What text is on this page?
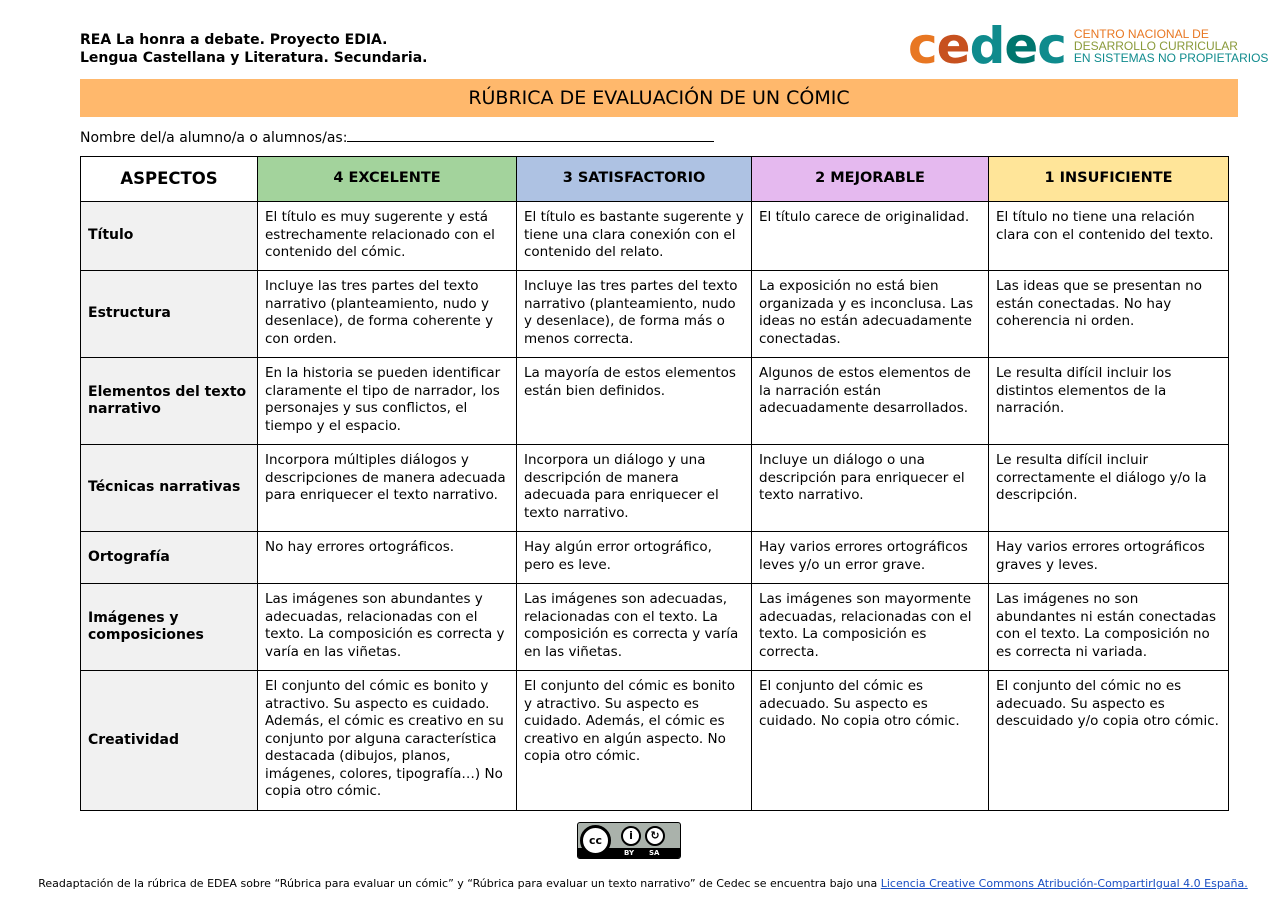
REA La honra a debate. Proyecto EDIA.
Lengua Castellana y Literatura. Secundaria.	cedec CENTRO NACIONAL DE
DESARROLLO CURRICULAR
EN SISTEMAS NO PROPIETARIOS
RÚBRICA DE EVALUACIÓN DE UN CÓMIC
Nombre del/a alumno/a o alumnos/as:
ASPECTOS	4 EXCELENTE	3 SATISFACTORIO	2 MEJORABLE	1 INSUFICIENTE
Título	El título es muy sugerente y está estrechamente relacionado con el contenido del cómic.	El título es bastante sugerente y tiene una clara conexión con el contenido del relato.	El título carece de originalidad.	El título no tiene una relación clara con el contenido del texto.
Estructura	Incluye las tres partes del texto narrativo (planteamiento, nudo y desenlace), de forma coherente y con orden.	Incluye las tres partes del texto narrativo (planteamiento, nudo y desenlace), de forma más o menos correcta.	La exposición no está bien organizada y es inconclusa. Las ideas no están adecuadamente conectadas.	Las ideas que se presentan no están conectadas. No hay coherencia ni orden.
Elementos del texto narrativo	En la historia se pueden identificar claramente el tipo de narrador, los personajes y sus conflictos, el tiempo y el espacio.	La mayoría de estos elementos están bien definidos.	Algunos de estos elementos de la narración están adecuadamente desarrollados.	Le resulta difícil incluir los distintos elementos de la narración.
Técnicas narrativas	Incorpora múltiples diálogos y descripciones de manera adecuada para enriquecer el texto narrativo.	Incorpora un diálogo y una descripción de manera adecuada para enriquecer el texto narrativo.	Incluye un diálogo o una descripción para enriquecer el texto narrativo.	Le resulta difícil incluir correctamente el diálogo y/o la descripción.
Ortografía	No hay errores ortográficos.	Hay algún error ortográfico, pero es leve.	Hay varios errores ortográficos leves y/o un error grave.	Hay varios errores ortográficos graves y leves.
Imágenes y composiciones	Las imágenes son abundantes y adecuadas, relacionadas con el texto. La composición es correcta y varía en las viñetas.	Las imágenes son adecuadas, relacionadas con el texto. La composición es correcta y varía en las viñetas.	Las imágenes son mayormente adecuadas, relacionadas con el texto. La composición es correcta.	Las imágenes no son abundantes ni están conectadas con el texto. La composición no es correcta ni variada.
Creatividad	El conjunto del cómic es bonito y atractivo. Su aspecto es cuidado. Además, el cómic es creativo en su conjunto por alguna característica destacada (dibujos, planos, imágenes, colores, tipografía…) No copia otro cómic.	El conjunto del cómic es bonito y atractivo. Su aspecto es cuidado. Además, el cómic es creativo en algún aspecto. No copia otro cómic.	El conjunto del cómic es adecuado. Su aspecto es cuidado. No copia otro cómic.	El conjunto del cómic no es adecuado. Su aspecto es descuidado y/o copia otro cómic.
cc	i	↻
BY SA
Readaptación de la rúbrica de EDEA sobre “Rúbrica para evaluar un cómic” y “Rúbrica para evaluar un texto narrativo” de Cedec se encuentra bajo una Licencia Creative Commons Atribución-CompartirIgual 4.0 España.
